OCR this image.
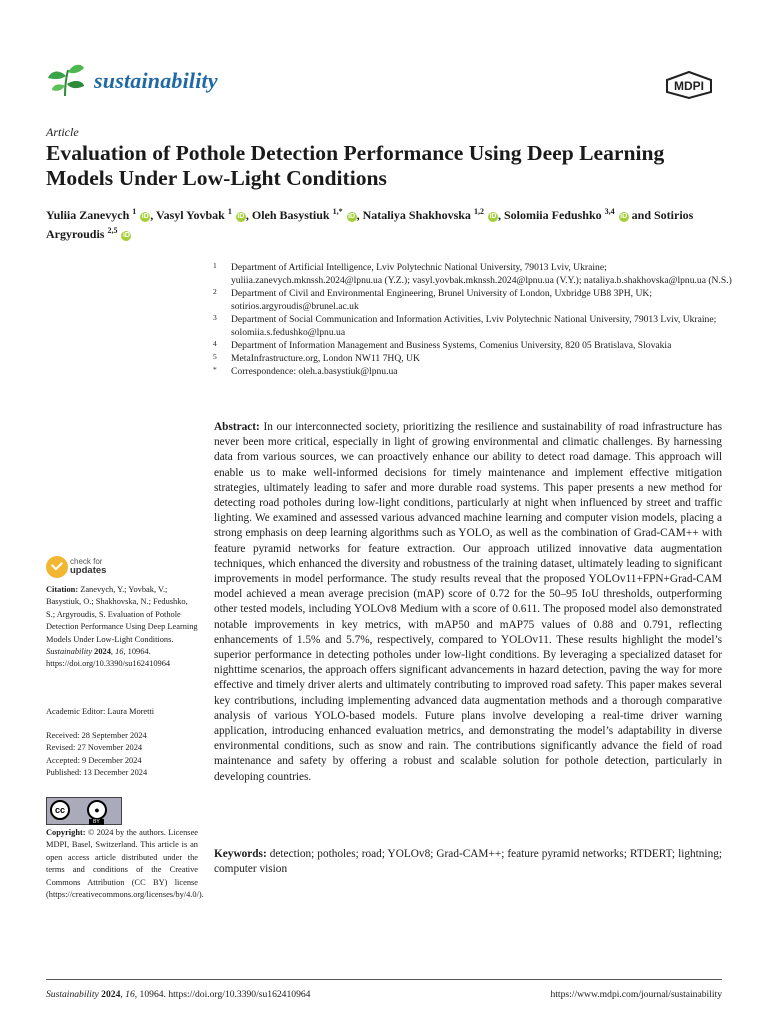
sustainability	MDPI
Article
Evaluation of Pothole Detection Performance Using Deep Learning Models Under Low-Light Conditions
Yuliia Zanevych $^1$ iD , Vasyl Yovbak $^1$ iD , Oleh Basystiuk $^{1,*}$ iD , Nataliya Shakhovska $^{1,2}$ iD , Solomiia Fedushko $^{3,4}$ iD and Sotirios Argyroudis $^{2,5}$ iD
1 Department of Artificial Intelligence, Lviv Polytechnic National University, 79013 Lviv, Ukraine; yuliia.zanevych.mknssh.2024@lpnu.ua (Y.Z.); vasyl.yovbak.mknssh.2024@lpnu.ua (V.Y.); nataliya.b.shakhovska@lpnu.ua (N.S.)
2 Department of Civil and Environmental Engineering, Brunel University of London, Uxbridge UB8 3PH, UK; sotirios.argyroudis@brunel.ac.uk
3 Department of Social Communication and Information Activities, Lviv Polytechnic National University, 79013 Lviv, Ukraine; solomiia.s.fedushko@lpnu.ua
4 Department of Information Management and Business Systems, Comenius University, 820 05 Bratislava, Slovakia
5 MetaInfrastructure.org, London NW11 7HQ, UK
* Correspondence: oleh.a.basystiuk@lpnu.ua
check for
updates
Citation: Zanevych, Y.; Yovbak, V.; Basystiuk, O.; Shakhovska, N.; Fedushko, S.; Argyroudis, S. Evaluation of Pothole Detection Performance Using Deep Learning Models Under Low-Light Conditions. Sustainability 2024, 16, 10964. https://doi.org/10.3390/su162410964
Academic Editor: Laura Moretti
Received: 28 September 2024
Revised: 27 November 2024
Accepted: 9 December 2024
Published: 13 December 2024
cc	●
BY
Copyright: © 2024 by the authors. Licensee MDPI, Basel, Switzerland. This article is an open access article distributed under the terms and conditions of the Creative Commons Attribution (CC BY) license (https://creativecommons.org/licenses/by/4.0/).
Abstract: In our interconnected society, prioritizing the resilience and sustainability of road infrastructure has never been more critical, especially in light of growing environmental and climatic challenges. By harnessing data from various sources, we can proactively enhance our ability to detect road damage. This approach will enable us to make well-informed decisions for timely maintenance and implement effective mitigation strategies, ultimately leading to safer and more durable road systems. This paper presents a new method for detecting road potholes during low-light conditions, particularly at night when influenced by street and traffic lighting. We examined and assessed various advanced machine learning and computer vision models, placing a strong emphasis on deep learning algorithms such as YOLO, as well as the combination of Grad-CAM++ with feature pyramid networks for feature extraction. Our approach utilized innovative data augmentation techniques, which enhanced the diversity and robustness of the training dataset, ultimately leading to significant improvements in model performance. The study results reveal that the proposed YOLOv11+FPN+Grad-CAM model achieved a mean average precision (mAP) score of 0.72 for the 50–95 IoU thresholds, outperforming other tested models, including YOLOv8 Medium with a score of 0.611. The proposed model also demonstrated notable improvements in key metrics, with mAP50 and mAP75 values of 0.88 and 0.791, reflecting enhancements of 1.5% and 5.7%, respectively, compared to YOLOv11. These results highlight the model’s superior performance in detecting potholes under low-light conditions. By leveraging a specialized dataset for nighttime scenarios, the approach offers significant advancements in hazard detection, paving the way for more effective and timely driver alerts and ultimately contributing to improved road safety. This paper makes several key contributions, including implementing advanced data augmentation methods and a thorough comparative analysis of various YOLO-based models. Future plans involve developing a real-time driver warning application, introducing enhanced evaluation metrics, and demonstrating the model’s adaptability in diverse environmental conditions, such as snow and rain. The contributions significantly advance the field of road maintenance and safety by offering a robust and scalable solution for pothole detection, particularly in developing countries.
Keywords: detection; potholes; road; YOLOv8; Grad-CAM++; feature pyramid networks; RTDERT; lightning; computer vision
Sustainability 2024, 16, 10964. https://doi.org/10.3390/su162410964	https://www.mdpi.com/journal/sustainability
